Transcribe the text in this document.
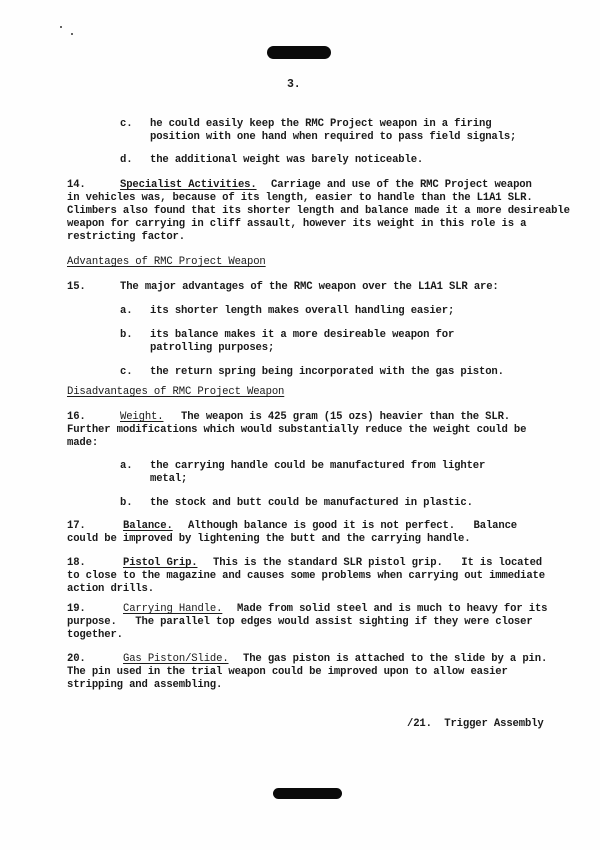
3.
c. he could easily keep the RMC Project weapon in a firing
position with one hand when required to pass field signals;
d. the additional weight was barely noticeable.
14.	Specialist Activities. Carriage and use of the RMC Project weapon
in vehicles was, because of its length, easier to handle than the L1A1 SLR.
Climbers also found that its shorter length and balance made it a more desireable
weapon for carrying in cliff assault, however its weight in this role is a
restricting factor.
Advantages of RMC Project Weapon
15.	The major advantages of the RMC weapon over the L1A1 SLR are:
a. its shorter length makes overall handling easier;
b. its balance makes it a more desireable weapon for
patrolling purposes;
c. the return spring being incorporated with the gas piston.
Disadvantages of RMC Project Weapon
16.	Weight. The weapon is 425 gram (15 ozs) heavier than the SLR.
Further modifications which would substantially reduce the weight could be
made:
a. the carrying handle could be manufactured from lighter
metal;
b. the stock and butt could be manufactured in plastic.
17.	Balance. Although balance is good it is not perfect.   Balance
could be improved by lightening the butt and the carrying handle.
18.	Pistol Grip. This is the standard SLR pistol grip.   It is located
to close to the magazine and causes some problems when carrying out immediate
action drills.
19.	Carrying Handle. Made from solid steel and is much to heavy for its
purpose.   The parallel top edges would assist sighting if they were closer
together.
20.	Gas Piston/Slide. The gas piston is attached to the slide by a pin.
The pin used in the trial weapon could be improved upon to allow easier
stripping and assembling.
/21.  Trigger Assembly
